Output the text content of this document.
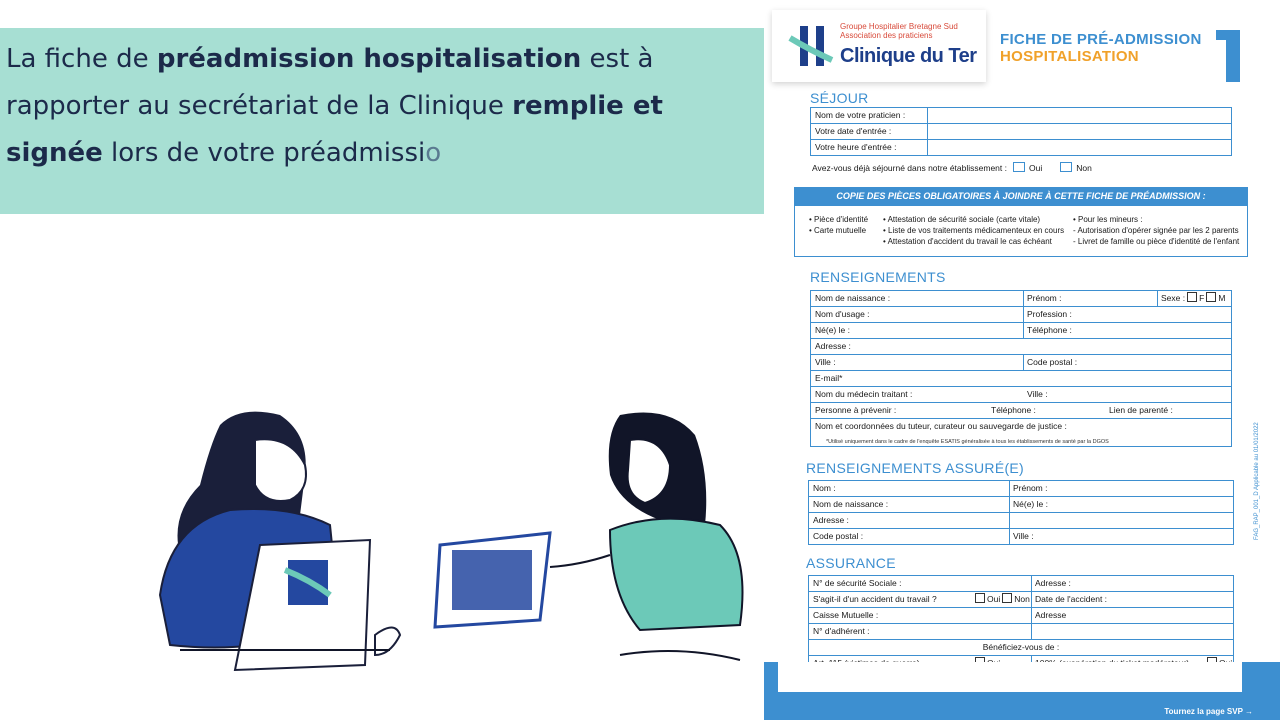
La fiche de préadmission hospitalisation est à rapporter au secrétariat de la Clinique remplie et signée lors de votre préadmissio
Groupe Hospitalier Bretagne Sud
Association des praticiens
Clinique du Ter
FICHE DE PRÉ-ADMISSION
HOSPITALISATION
SÉJOUR
Nom de votre praticien :
Votre date d'entrée :
Votre heure d'entrée :
Avez-vous déjà séjourné dans notre établissement :	Oui	Non
COPIE DES PIÈCES OBLIGATOIRES À JOINDRE À CETTE FICHE DE PRÉADMISSION :
• Pièce d'identité
• Carte mutuelle
• Attestation de sécurité sociale (carte vitale)
• Liste de vos traitements médicamenteux en cours
• Attestation d'accident du travail le cas échéant
• Pour les mineurs :
- Autorisation d'opérer signée par les 2 parents
- Livret de famille ou pièce d'identité de l'enfant
RENSEIGNEMENTS
Nom de naissance :	Prénom :	Sexe : F M
Nom d'usage :	Profession :
Né(e) le :	Téléphone :
Adresse :
Ville :	Code postal :
E-mail*
Nom du médecin traitant :	Ville :
Personne à prévenir :	Téléphone :	Lien de parenté :
Nom et coordonnées du tuteur, curateur ou sauvegarde de justice :
*Utilisé uniquement dans le cadre de l'enquête ESATIS généralisée à tous les établissements de santé par la DGOS
RENSEIGNEMENTS ASSURÉ(E)
Nom :	Prénom :
Nom de naissance :	Né(e) le :
Adresse :
Code postal :	Ville :
ASSURANCE
N° de sécurité Sociale :	Adresse :
S'agit-il d'un accident du travail ?	Oui Non Date de l'accident :
Caisse Mutuelle :	Adresse
N° d'adhérent :
Bénéficiez-vous de :
FAG_RAP_001_D Applicable au 01/01/2022
Tournez la page SVP →
